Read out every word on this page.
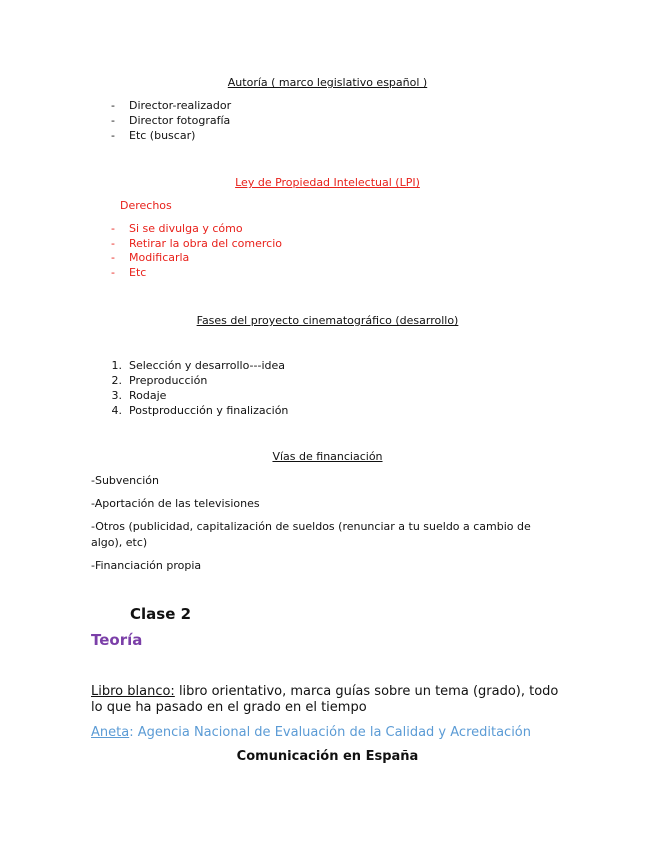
Autoría ( marco legislativo español )
- Director-realizador
- Director fotografía
- Etc (buscar)
Ley de Propiedad Intelectual (LPI)
Derechos
- Si se divulga y cómo
- Retirar la obra del comercio
- Modificarla
- Etc
Fases del proyecto cinematográfico (desarrollo)
1. Selección y desarrollo---idea
2. Preproducción
3. Rodaje
4. Postproducción y finalización
Vías de financiación
-Subvención
-Aportación de las televisiones
-Otros (publicidad, capitalización de sueldos (renunciar a tu sueldo a cambio de
algo), etc)
-Financiación propia
Clase 2
Teoría
Libro blanco: libro orientativo, marca guías sobre un tema (grado), todo
lo que ha pasado en el grado en el tiempo
Aneta: Agencia Nacional de Evaluación de la Calidad y Acreditación
Comunicación en España
